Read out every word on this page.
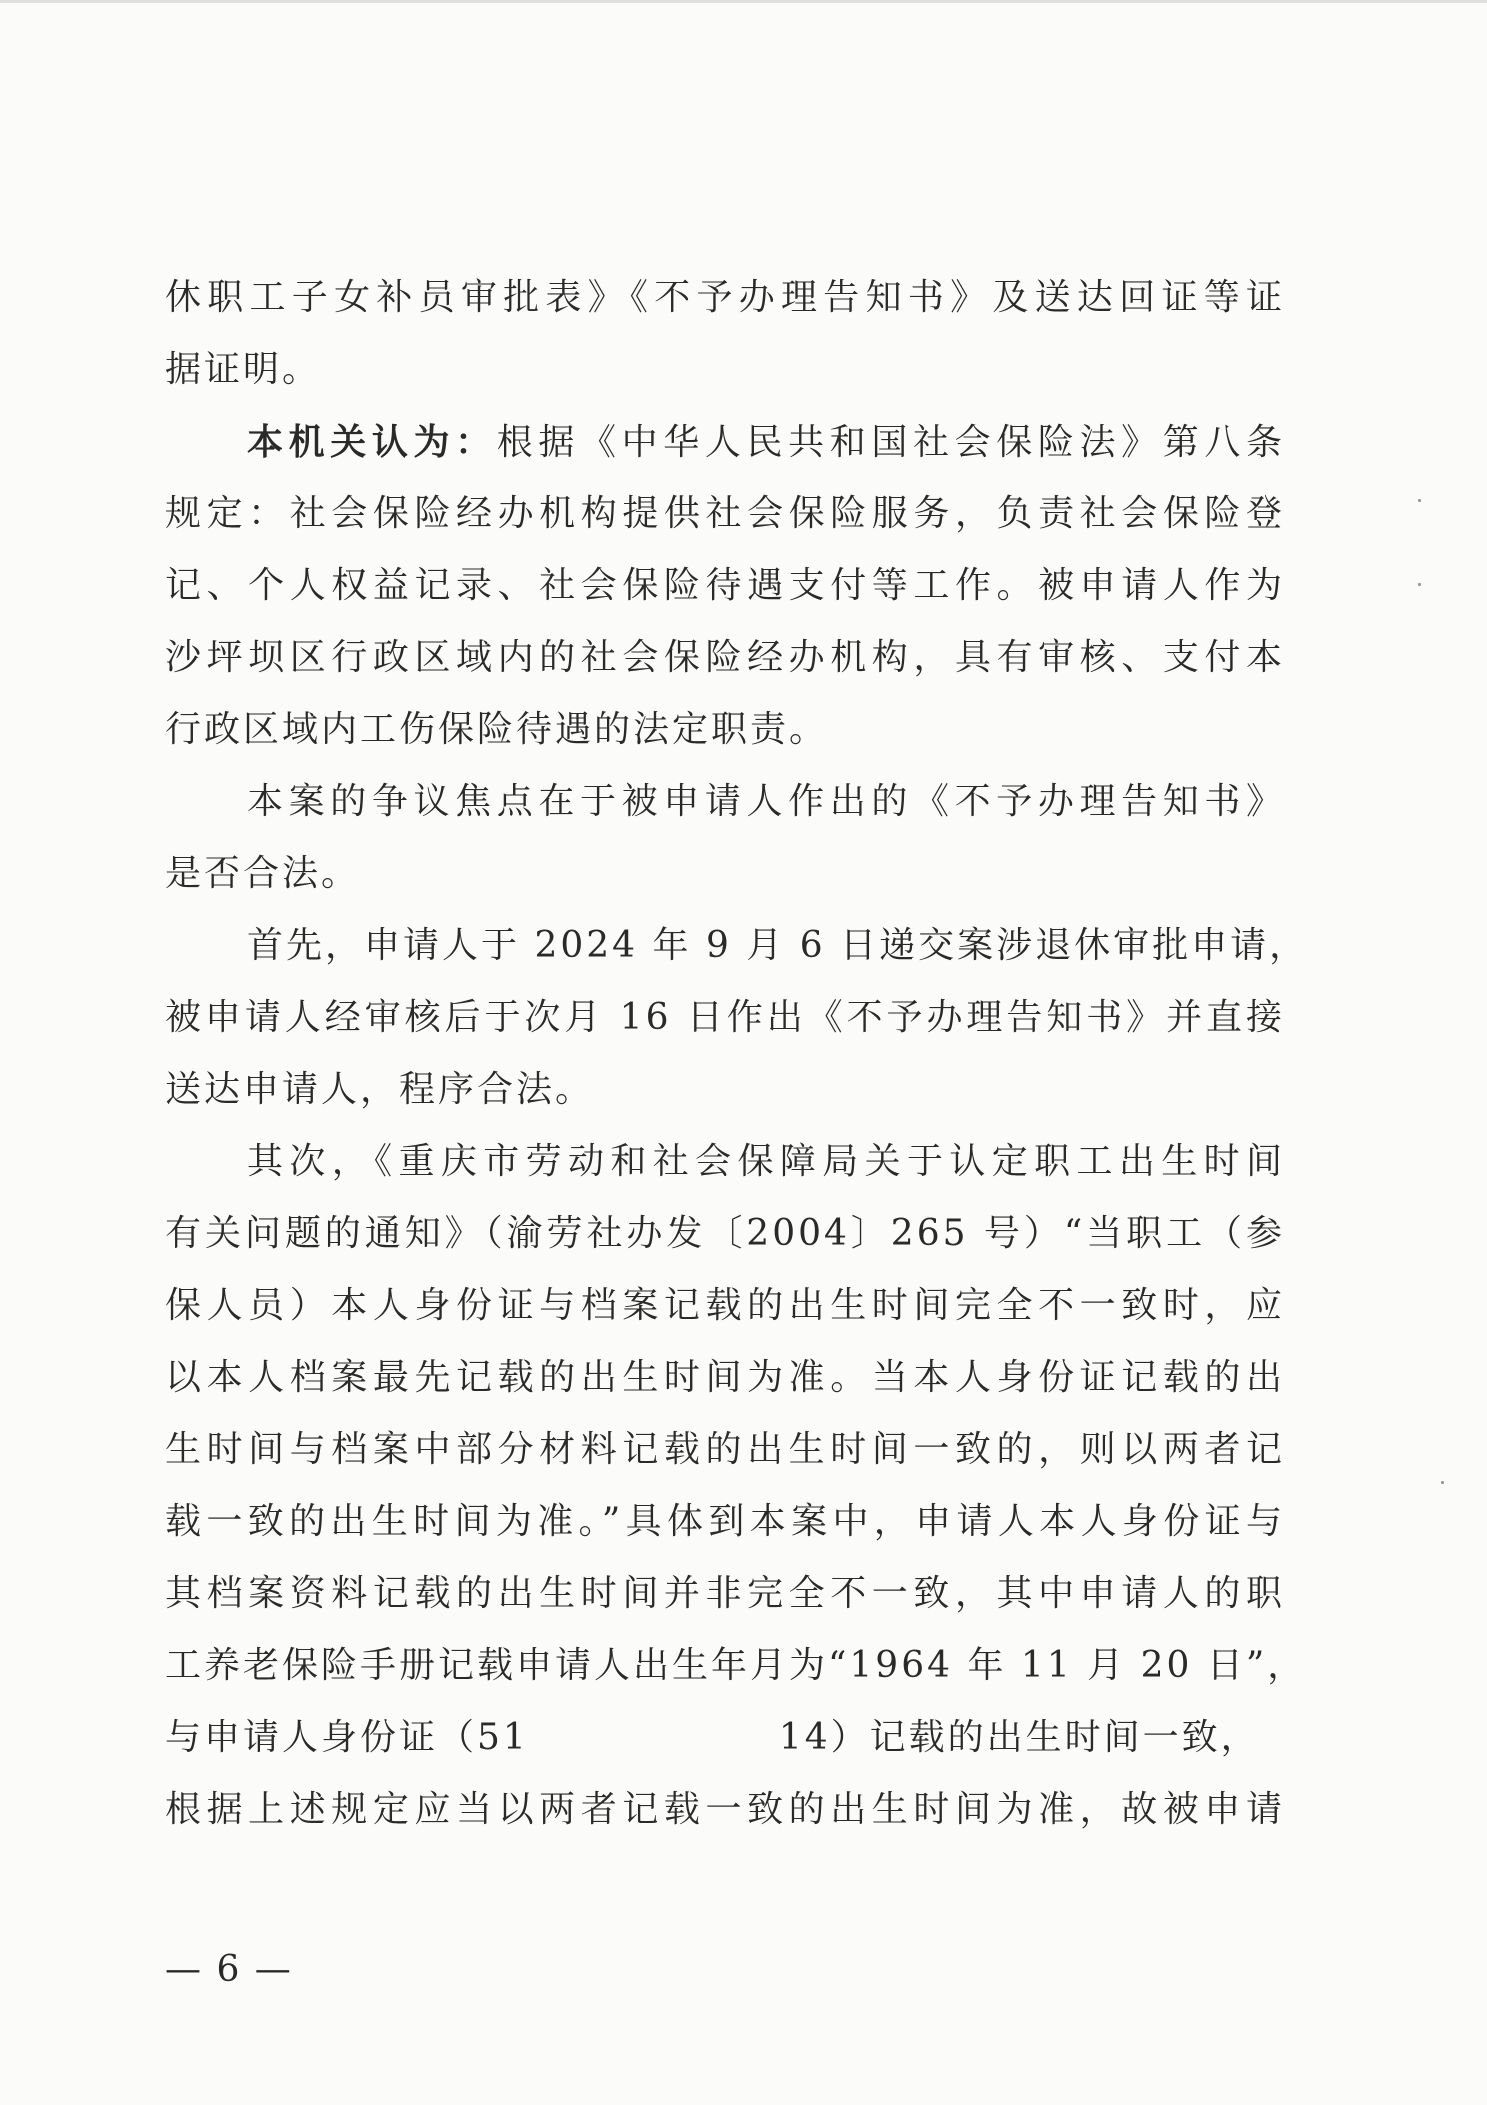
休职工子女补员审批表》《不予办理告知书》及送达回证等证
据证明。
本机关认为：根据《中华人民共和国社会保险法》第八条
规定：社会保险经办机构提供社会保险服务，负责社会保险登
记、个人权益记录、社会保险待遇支付等工作。被申请人作为
沙坪坝区行政区域内的社会保险经办机构，具有审核、支付本
行政区域内工伤保险待遇的法定职责。
本案的争议焦点在于被申请人作出的《不予办理告知书》
是否合法。
首先，申请人于 2024 年 9 月 6 日递交案涉退休审批申请，
被申请人经审核后于次月 16 日作出《不予办理告知书》并直接
送达申请人，程序合法。
其次，《重庆市劳动和社会保障局关于认定职工出生时间
有关问题的通知》（渝劳社办发〔2004〕265 号）“当职工（参
保人员）本人身份证与档案记载的出生时间完全不一致时，应
以本人档案最先记载的出生时间为准。当本人身份证记载的出
生时间与档案中部分材料记载的出生时间一致的，则以两者记
载一致的出生时间为准。”具体到本案中，申请人本人身份证与
其档案资料记载的出生时间并非完全不一致，其中申请人的职
工养老保险手册记载申请人出生年月为“1964 年 11 月 20 日”，
与申请人身份证（51	14）记载的出生时间一致，
根据上述规定应当以两者记载一致的出生时间为准，故被申请
— 6 —
